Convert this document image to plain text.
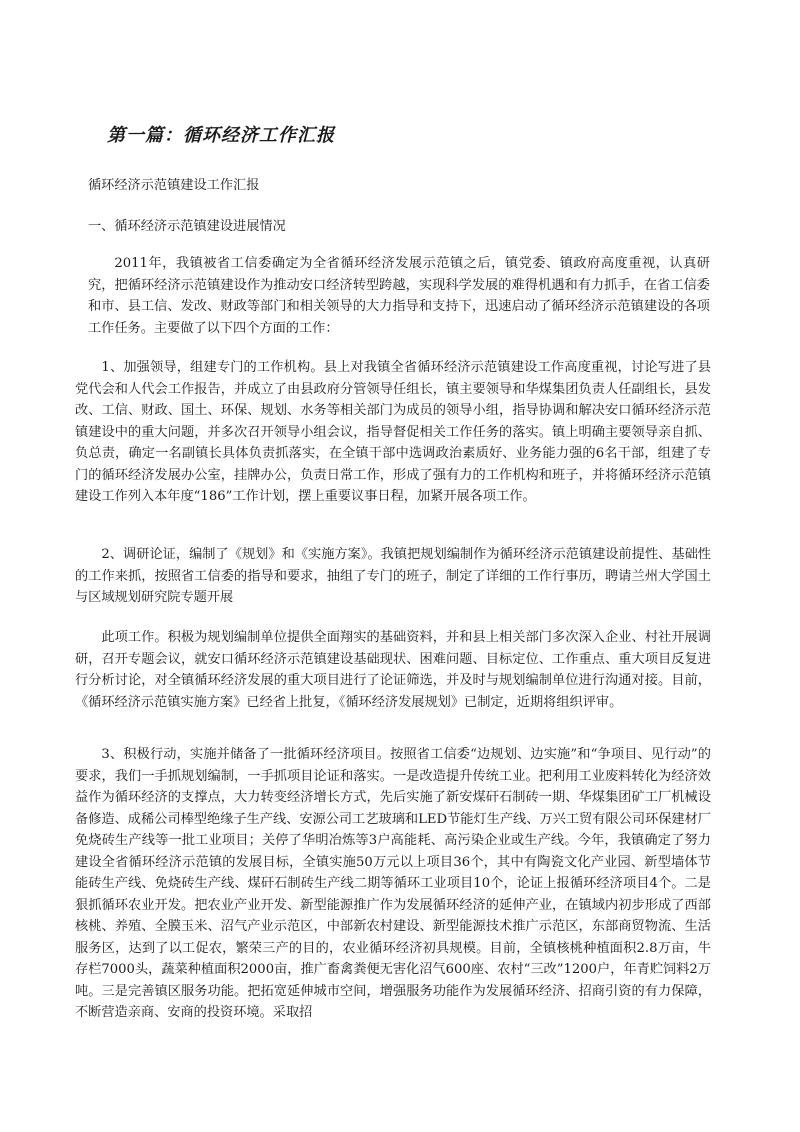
第一篇：循环经济工作汇报
循环经济示范镇建设工作汇报
一、循环经济示范镇建设进展情况
2011年，我镇被省工信委确定为全省循环经济发展示范镇之后，镇党委、镇政府高度重视，认真研究，把循环经济示范镇建设作为推动安口经济转型跨越，实现科学发展的难得机遇和有力抓手，在省工信委和市、县工信、发改、财政等部门和相关领导的大力指导和支持下，迅速启动了循环经济示范镇建设的各项工作任务。主要做了以下四个方面的工作：
1、加强领导，组建专门的工作机构。县上对我镇全省循环经济示范镇建设工作高度重视，讨论写进了县党代会和人代会工作报告，并成立了由县政府分管领导任组长，镇主要领导和华煤集团负责人任副组长，县发改、工信、财政、国土、环保、规划、水务等相关部门为成员的领导小组，指导协调和解决安口循环经济示范镇建设中的重大问题，并多次召开领导小组会议，指导督促相关工作任务的落实。镇上明确主要领导亲自抓、负总责，确定一名副镇长具体负责抓落实，在全镇干部中选调政治素质好、业务能力强的6名干部，组建了专门的循环经济发展办公室，挂牌办公，负责日常工作，形成了强有力的工作机构和班子，并将循环经济示范镇建设工作列入本年度“186”工作计划，摆上重要议事日程，加紧开展各项工作。
2、调研论证，编制了《规划》和《实施方案》。我镇把规划编制作为循环经济示范镇建设前提性、基础性的工作来抓，按照省工信委的指导和要求，抽组了专门的班子，制定了详细的工作行事历，聘请兰州大学国土与区域规划研究院专题开展
此项工作。积极为规划编制单位提供全面翔实的基础资料，并和县上相关部门多次深入企业、村社开展调研，召开专题会议，就安口循环经济示范镇建设基础现状、困难问题、目标定位、工作重点、重大项目反复进行分析讨论，对全镇循环经济发展的重大项目进行了论证筛选，并及时与规划编制单位进行沟通对接。目前，《循环经济示范镇实施方案》已经省上批复，《循环经济发展规划》已制定，近期将组织评审。
3、积极行动，实施并储备了一批循环经济项目。按照省工信委“边规划、边实施”和“争项目、见行动”的要求，我们一手抓规划编制，一手抓项目论证和落实。一是改造提升传统工业。把利用工业废料转化为经济效益作为循环经济的支撑点，大力转变经济增长方式，先后实施了新安煤矸石制砖一期、华煤集团矿工厂机械设备修造、成稀公司棒型绝缘子生产线、安源公司工艺玻璃和LED节能灯生产线、万兴工贸有限公司环保建材厂免烧砖生产线等一批工业项目；关停了华明冶炼等3户高能耗、高污染企业或生产线。今年，我镇确定了努力建设全省循环经济示范镇的发展目标，全镇实施50万元以上项目36个，其中有陶瓷文化产业园、新型墙体节能砖生产线、免烧砖生产线、煤矸石制砖生产线二期等循环工业项目10个，论证上报循环经济项目4个。二是狠抓循环农业开发。把农业产业开发、新型能源推广作为发展循环经济的延伸产业，在镇域内初步形成了西部核桃、养殖、全膜玉米、沼气产业示范区，中部新农村建设、新型能源技术推广示范区，东部商贸物流、生活服务区，达到了以工促农，繁荣三产的目的，农业循环经济初具规模。目前，全镇核桃种植面积2.8万亩，牛存栏7000头，蔬菜种植面积2000亩，推广畜禽粪便无害化沼气600座、农村“三改”1200户，年青贮饲料2万吨。三是完善镇区服务功能。把拓宽延伸城市空间，增强服务功能作为发展循环经济、招商引资的有力保障，不断营造亲商、安商的投资环境。采取招
